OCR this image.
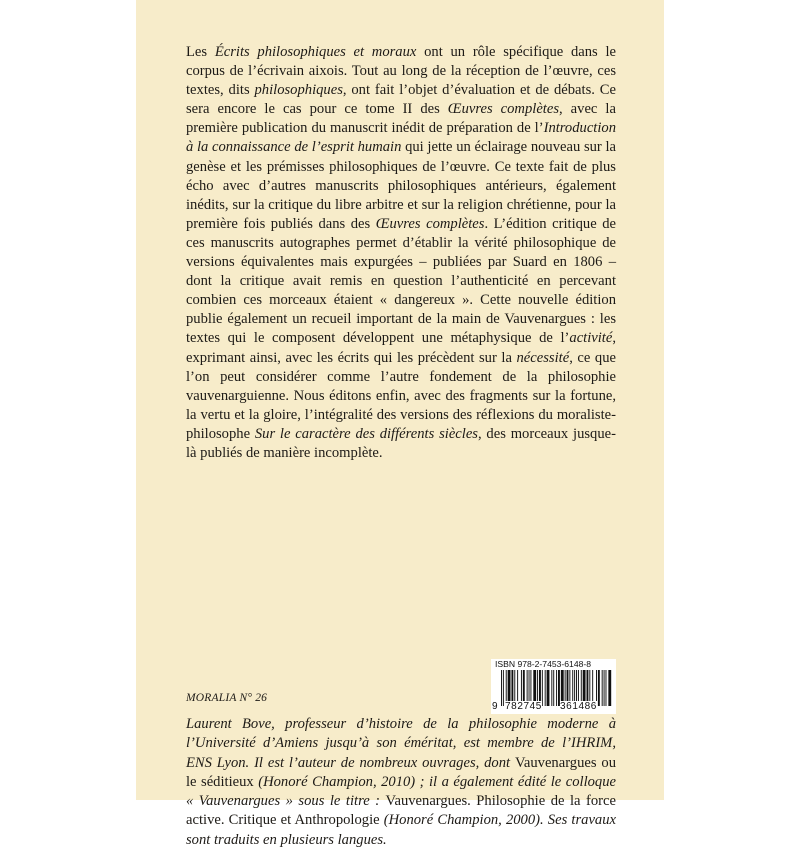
Les Écrits philosophiques et moraux ont un rôle spécifique dans le corpus de l’écrivain aixois. Tout au long de la réception de l’œuvre, ces textes, dits philosophiques, ont fait l’objet d’évaluation et de débats. Ce sera encore le cas pour ce tome II des Œuvres complètes, avec la première publication du manuscrit inédit de préparation de l’Introduction à la connaissance de l’esprit humain qui jette un éclairage nouveau sur la genèse et les prémisses philosophiques de l’œuvre. Ce texte fait de plus écho avec d’autres manuscrits philosophiques antérieurs, également inédits, sur la critique du libre arbitre et sur la religion chrétienne, pour la première fois publiés dans des Œuvres complètes. L’édition critique de ces manuscrits autographes permet d’établir la vérité philosophique de versions équivalentes mais expurgées – publiées par Suard en 1806 – dont la critique avait remis en question l’authenticité en percevant combien ces morceaux étaient « dangereux ». Cette nouvelle édition publie également un recueil important de la main de Vauvenargues : les textes qui le composent développent une métaphysique de l’activité, exprimant ainsi, avec les écrits qui les précèdent sur la nécessité, ce que l’on peut considérer comme l’autre fondement de la philosophie vauvenarguienne. Nous éditons enfin, avec des fragments sur la fortune, la vertu et la gloire, l’intégralité des versions des réflexions du moraliste-philosophe Sur le caractère des différents siècles, des morceaux jusque-là publiés de manière incomplète.

Laurent Bove, professeur d’histoire de la philosophie moderne à l’Université d’Amiens jusqu’à son éméritat, est membre de l’IHRIM, ENS Lyon. Il est l’auteur de nombreux ouvrages, dont Vauvenargues ou le séditieux (Honoré Champion, 2010) ; il a également édité le colloque « Vauvenargues » sous le titre : Vauvenargues. Philosophie de la force active. Critique et Anthropologie (Honoré Champion, 2000). Ses travaux sont traduits en plusieurs langues.

MORALIA N° 26
ISBN 978-2-7453-6148-8
9 782745 361486
